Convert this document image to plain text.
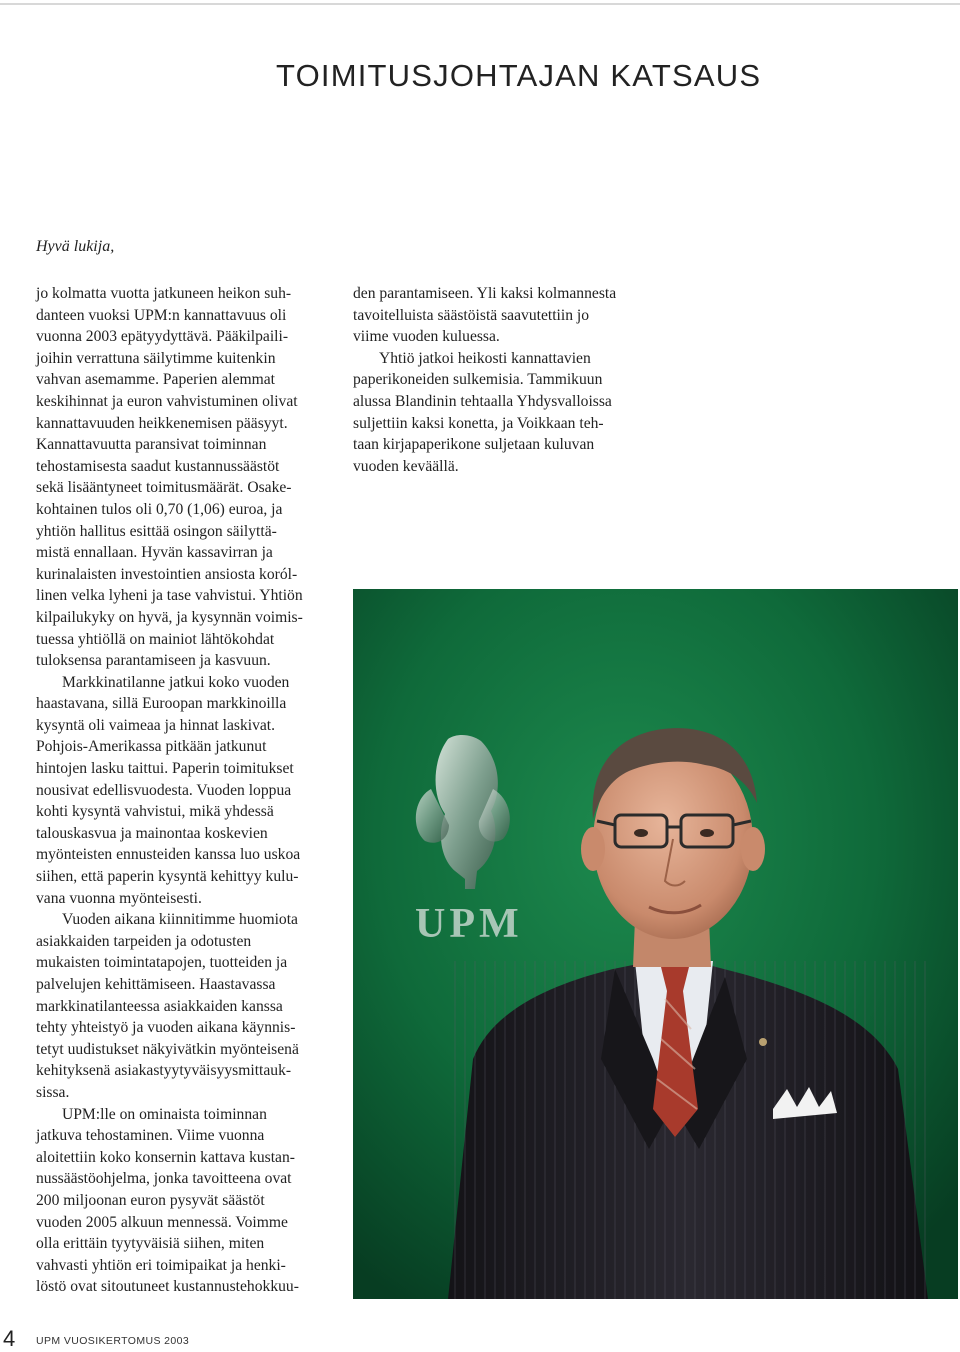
TOIMITUSJOHTAJAN KATSAUS
Hyvä lukija,

jo kolmatta vuotta jatkuneen heikon suh-

danteen vuoksi UPM:n kannattavuus oli

vuonna 2003 epätyydyttävä. Pääkilpaili-

joihin verrattuna säilytimme kuitenkin

vahvan asemamme. Paperien alemmat

keskihinnat ja euron vahvistuminen olivat

kannattavuuden heikkenemisen pääsyyt.

Kannattavuutta paransivat toiminnan

tehostamisesta saadut kustannussäästöt

sekä lisääntyneet toimitusmäärät. Osake-

kohtainen tulos oli 0,70 (1,06) euroa, ja

yhtiön hallitus esittää osingon säilyttä-

mistä ennallaan. Hyvän kassavirran ja

kurinalaisten investointien ansiosta koról-

linen velka lyheni ja tase vahvistui. Yhtiön

kilpailukyky on hyvä, ja kysynnän voimis-

tuessa yhtiöllä on mainiot lähtökohdat

tuloksensa parantamiseen ja kasvuun.

Markkinatilanne jatkui koko vuoden

haastavana, sillä Euroopan markkinoilla

kysyntä oli vaimeaa ja hinnat laskivat.

Pohjois-Amerikassa pitkään jatkunut

hintojen lasku taittui. Paperin toimitukset

nousivat edellisvuodesta. Vuoden loppua

kohti kysyntä vahvistui, mikä yhdessä

talouskasvua ja mainontaa koskevien

myönteisten ennusteiden kanssa luo uskoa

siihen, että paperin kysyntä kehittyy kulu-

vana vuonna myönteisesti.

Vuoden aikana kiinnitimme huomiota

asiakkaiden tarpeiden ja odotusten

mukaisten toimintatapojen, tuotteiden ja

palvelujen kehittämiseen. Haastavassa

markkinatilanteessa asiakkaiden kanssa

tehty yhteistyö ja vuoden aikana käynnis-

tetyt uudistukset näkyivätkin myönteisenä

kehityksenä asiakastyytyväisyysmittauk-

sissa.

UPM:lle on ominaista toiminnan

jatkuva tehostaminen. Viime vuonna

aloitettiin koko konsernin kattava kustan-

nussäästöohjelma, jonka tavoitteena ovat

200 miljoonan euron pysyvät säästöt

vuoden 2005 alkuun mennessä. Voimme

olla erittäin tyytyväisiä siihen, miten

vahvasti yhtiön eri toimipaikat ja henki-

löstö ovat sitoutuneet kustannustehokkuu-

den parantamiseen. Yli kaksi kolmannesta

tavoitelluista säästöistä saavutettiin jo

viime vuoden kuluessa.

Yhtiö jatkoi heikosti kannattavien

paperikoneiden sulkemisia. Tammikuun

alussa Blandinin tehtaalla Yhdysvalloissa

suljettiin kaksi konetta, ja Voikkaan teh-

taan kirjapaperikone suljetaan kuluvan

vuoden keväällä.

UPM
4 UPM VUOSIKERTOMUS 2003
